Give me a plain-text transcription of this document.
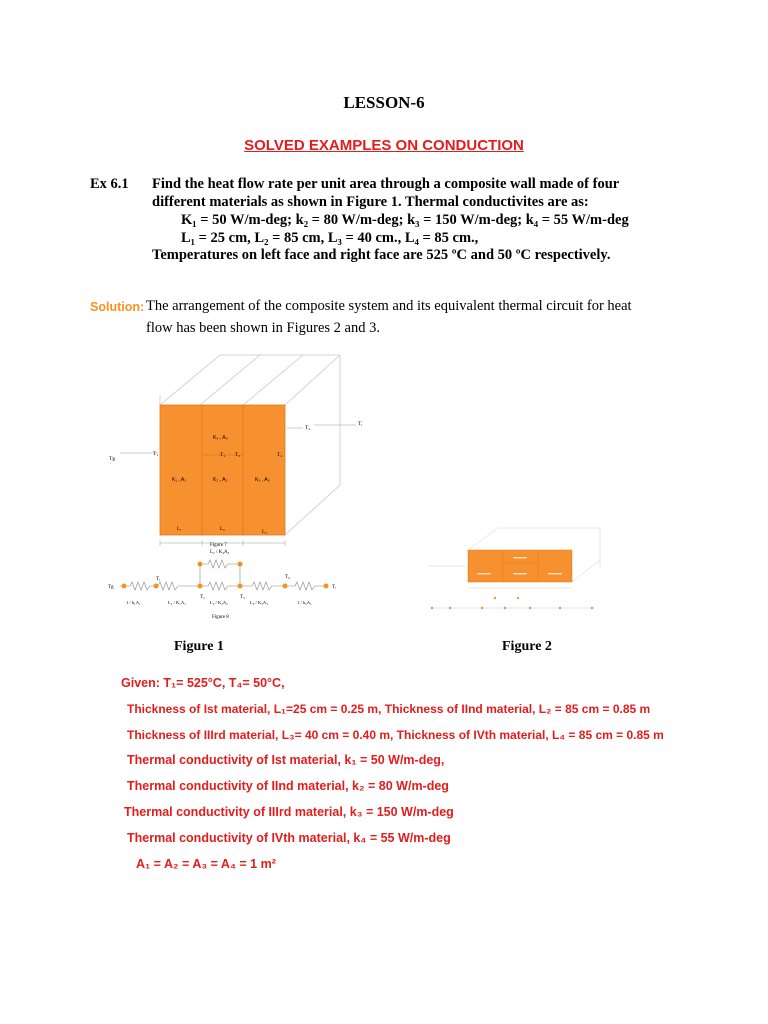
LESSON-6
SOLVED EXAMPLES ON CONDUCTION
Ex 6.1 Find the heat flow rate per unit area through a composite wall made of four
different materials as shown in Figure 1. Thermal conductivites are as:
K₁ = 50 W/m-deg; k₂ = 80 W/m-deg; k₃ = 150 W/m-deg; k₄ = 55 W/m-deg
L₁ = 25 cm, L₂ = 85 cm, L₃ = 40 cm., L₄ = 85 cm.,
Temperatures on left face and right face are 525 ºC and 50 ºC respectively.
Solution: The arrangement of the composite system and its equivalent thermal circuit for heat
flow has been shown in Figures 2 and 3.
K₄ , A₄
K₁ , A₁	K₂ , A₂	K₃ , A₃
Tg
T₁	T₂ T₃	T₄
T₄
T,
L₁	L₂
L₃
Figure 7
L₂ / K₄A₄
Tg
T₁
T₂	T₃
T₄
T,
1 / h₁A₁	L₁ / K₁A₁	L₂ / K₂A₂	L₃ / K₃A₃	1 / h₂A₁
Figure 8
Figure 1	Figure 2
Given: T₁= 525°C, T₄= 50°C,
Thickness of Ist material, L₁=25 cm = 0.25 m, Thickness of IInd material, L₂ = 85 cm = 0.85 m
Thickness of IIIrd material, L₃= 40 cm = 0.40 m, Thickness of IVth material, L₄ = 85 cm = 0.85 m
Thermal conductivity of Ist material, k₁ = 50 W/m-deg,
Thermal conductivity of IInd material, k₂ = 80 W/m-deg
Thermal conductivity of IIIrd material, k₃ = 150 W/m-deg
Thermal conductivity of IVth material, k₄ = 55 W/m-deg
A₁ = A₂ = A₃ = A₄ = 1 m²
